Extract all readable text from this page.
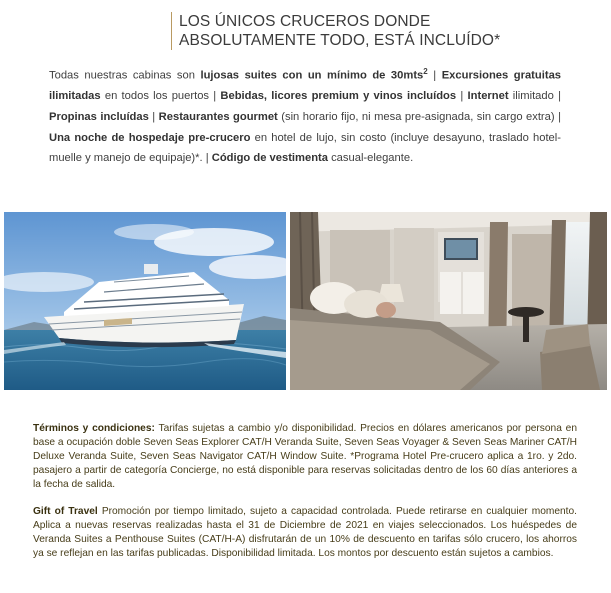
LOS ÚNICOS CRUCEROS DONDE
ABSOLUTAMENTE TODO, ESTÁ INCLUÍDO*
Todas nuestras cabinas son lujosas suites con un mínimo de 30mts$^2$ | Excursiones gratuitas ilimitadas en todos los puertos | Bebidas, licores premium y vinos incluídos | Internet ilimitado | Propinas incluídas | Restaurantes gourmet (sin horario fijo, ni mesa pre-asignada, sin cargo extra) | Una noche de hospedaje pre-crucero en hotel de lujo, sin costo (incluye desayuno, traslado hotel-muelle y manejo de equipaje)*. | Código de vestimenta casual-elegante.
Términos y condiciones: Tarifas sujetas a cambio y/o disponibilidad. Precios en dólares americanos por persona en base a ocupación doble Seven Seas Explorer CAT/H Veranda Suite, Seven Seas Voyager & Seven Seas Mariner CAT/H Deluxe Veranda Suite, Seven Seas Navigator CAT/H Window Suite. *Programa Hotel Pre-crucero aplica a 1ro. y 2do. pasajero a partir de categoría Concierge, no está disponible para reservas solicitadas dentro de los 60 días anteriores a la fecha de salida.
Gift of Travel Promoción por tiempo limitado, sujeto a capacidad controlada. Puede retirarse en cualquier momento. Aplica a nuevas reservas realizadas hasta el 31 de Diciembre de 2021 en viajes seleccionados. Los huéspedes de Veranda Suites a Penthouse Suites (CAT/H-A) disfrutarán de un 10% de descuento en tarifas sólo crucero, los ahorros ya se reflejan en las tarifas publicadas. Disponibilidad limitada. Los montos por descuento están sujetos a cambios.
